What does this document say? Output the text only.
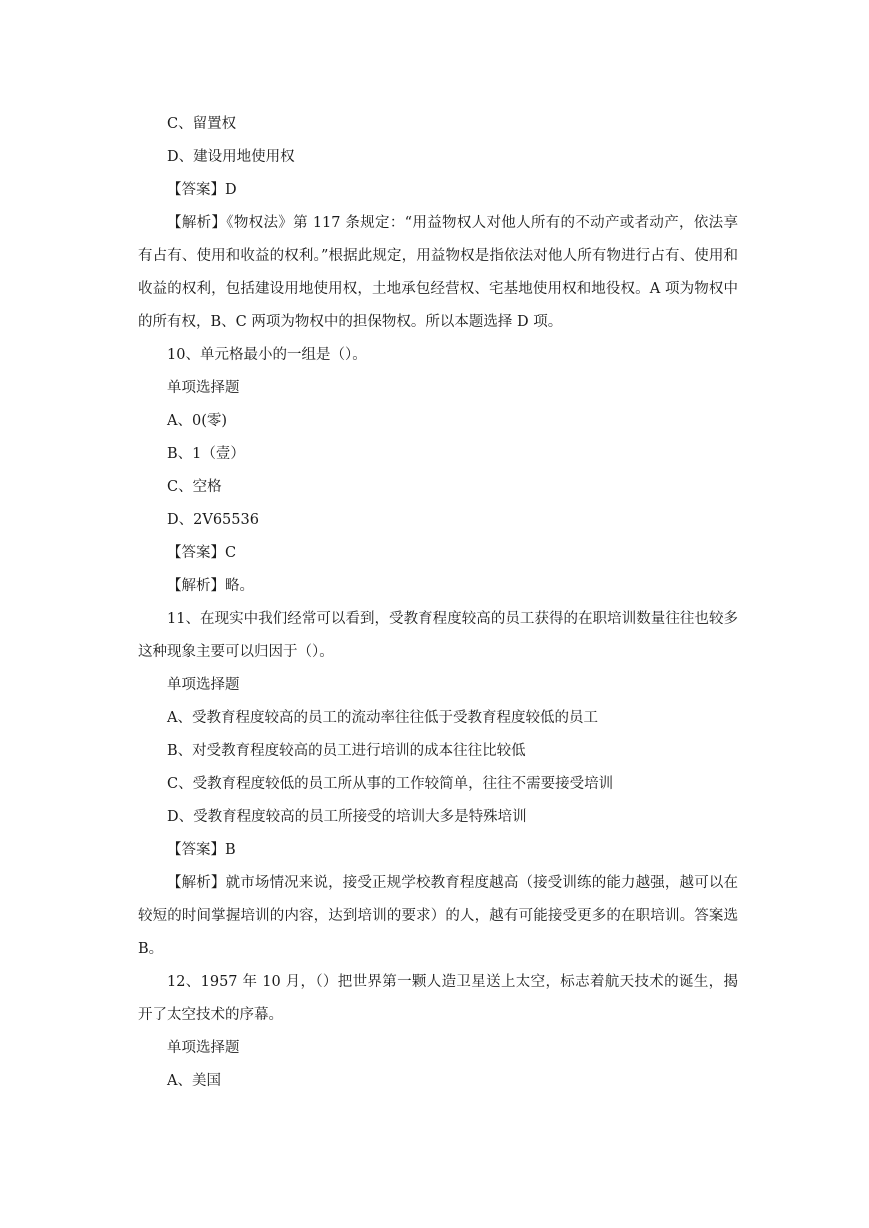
C、留置权

D、建设用地使用权

【答案】D

【解析】《物权法》第 117 条规定：“用益物权人对他人所有的不动产或者动产，依法享有占有、使用和收益的权利。”根据此规定，用益物权是指依法对他人所有物进行占有、使用和收益的权利，包括建设用地使用权，土地承包经营权、宅基地使用权和地役权。A 项为物权中的所有权，B、C 两项为物权中的担保物权。所以本题选择 D 项。

10、单元格最小的一组是（）。

单项选择题

A、0(零)

B、1（壹）

C、空格

D、2V65536

【答案】C

【解析】略。

11、在现实中我们经常可以看到，受教育程度较高的员工获得的在职培训数量往往也较多这种现象主要可以归因于（）。

单项选择题

A、受教育程度较高的员工的流动率往往低于受教育程度较低的员工

B、对受教育程度较高的员工进行培训的成本往往比较低

C、受教育程度较低的员工所从事的工作较简单，往往不需要接受培训

D、受教育程度较高的员工所接受的培训大多是特殊培训

【答案】B

【解析】就市场情况来说，接受正规学校教育程度越高（接受训练的能力越强，越可以在较短的时间掌握培训的内容，达到培训的要求）的人，越有可能接受更多的在职培训。答案选 B。

12、1957 年 10 月，（）把世界第一颗人造卫星送上太空，标志着航天技术的诞生，揭开了太空技术的序幕。

单项选择题

A、美国
